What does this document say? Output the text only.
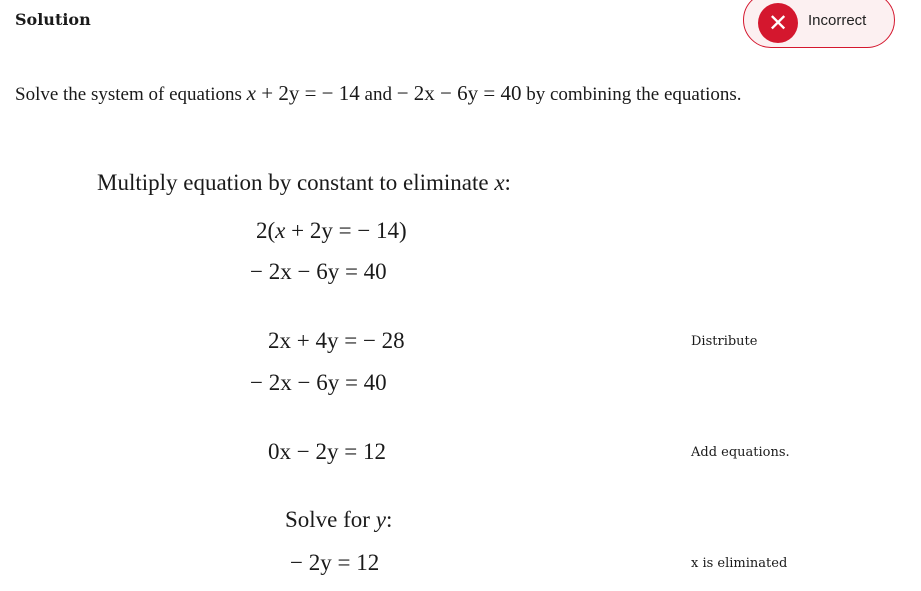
Solution	✕	Incorrect
Solve the system of equations x + 2y = − 14 and − 2x − 6y = 40 by combining the equations.
Multiply equation by constant to eliminate x:
2(x + 2y = − 14)
− 2x − 6y = 40
2x + 4y = − 28	Distribute
− 2x − 6y = 40
0x − 2y = 12	Add equations.
Solve for y:
− 2y = 12	x is eliminated
